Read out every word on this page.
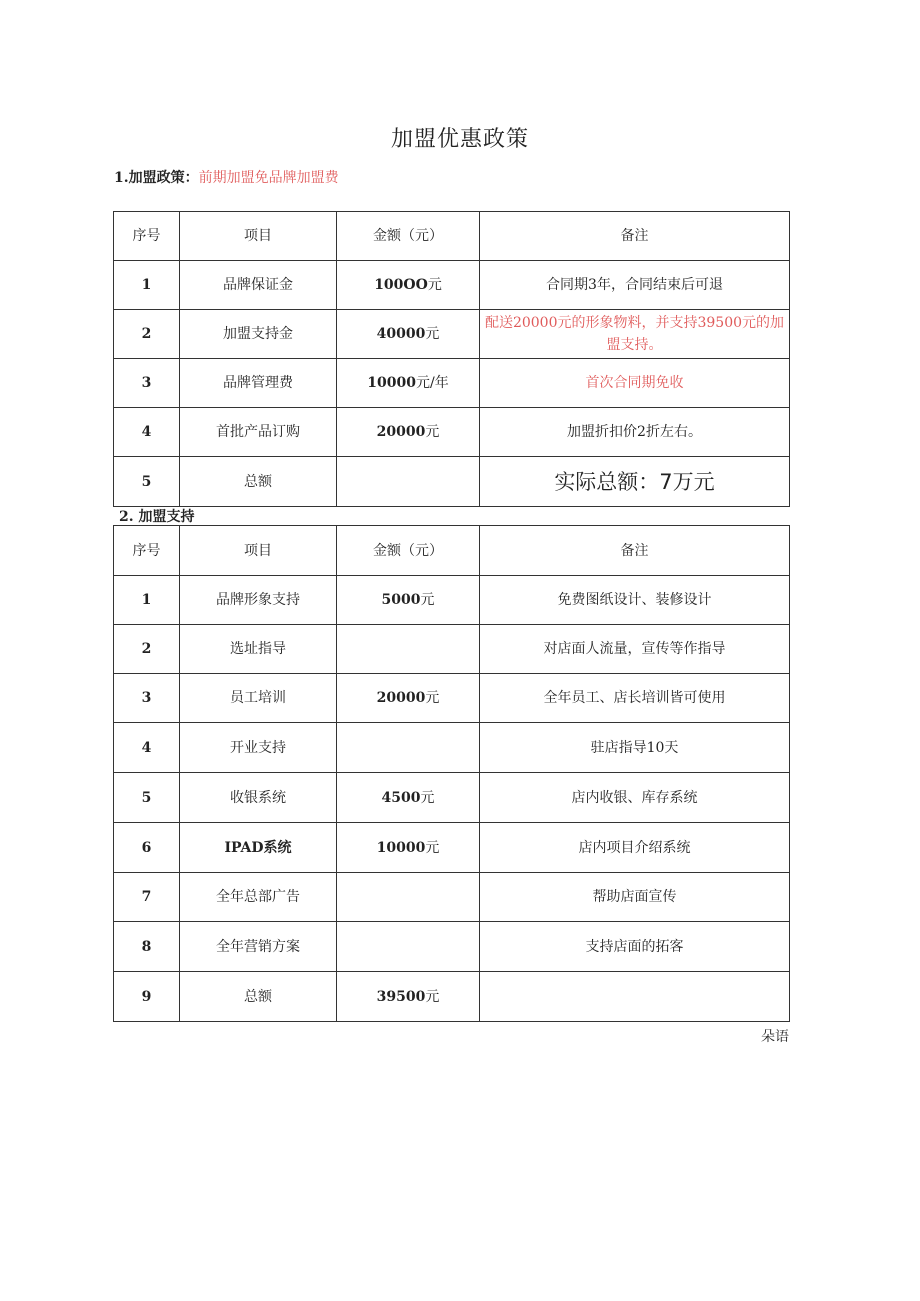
加盟优惠政策
1.加盟政策：前期加盟免品牌加盟费
序号	项目	金额（元）	备注
1	品牌保证金	100OO元	合同期3年，合同结束后可退
2	加盟支持金	40000元	配送20000元的形象物料，并支持39500元的加盟支持。
3	品牌管理费	10000元/年	首次合同期免收
4	首批产品订购	20000元	加盟折扣价2折左右。
5	总额		实际总额：7万元
2. 加盟支持
序号	项目	金额（元）	备注
1	品牌形象支持	5000元	免费图纸设计、装修设计
2	选址指导		对店面人流量，宣传等作指导
3	员工培训	20000元	全年员工、店长培训皆可使用
4	开业支持		驻店指导10天
5	收银系统	4500元	店内收银、库存系统
6	IPAD系统	10000元	店内项目介绍系统
7	全年总部广告		帮助店面宣传
8	全年营销方案		支持店面的拓客
9	总额	39500元	
朵语
